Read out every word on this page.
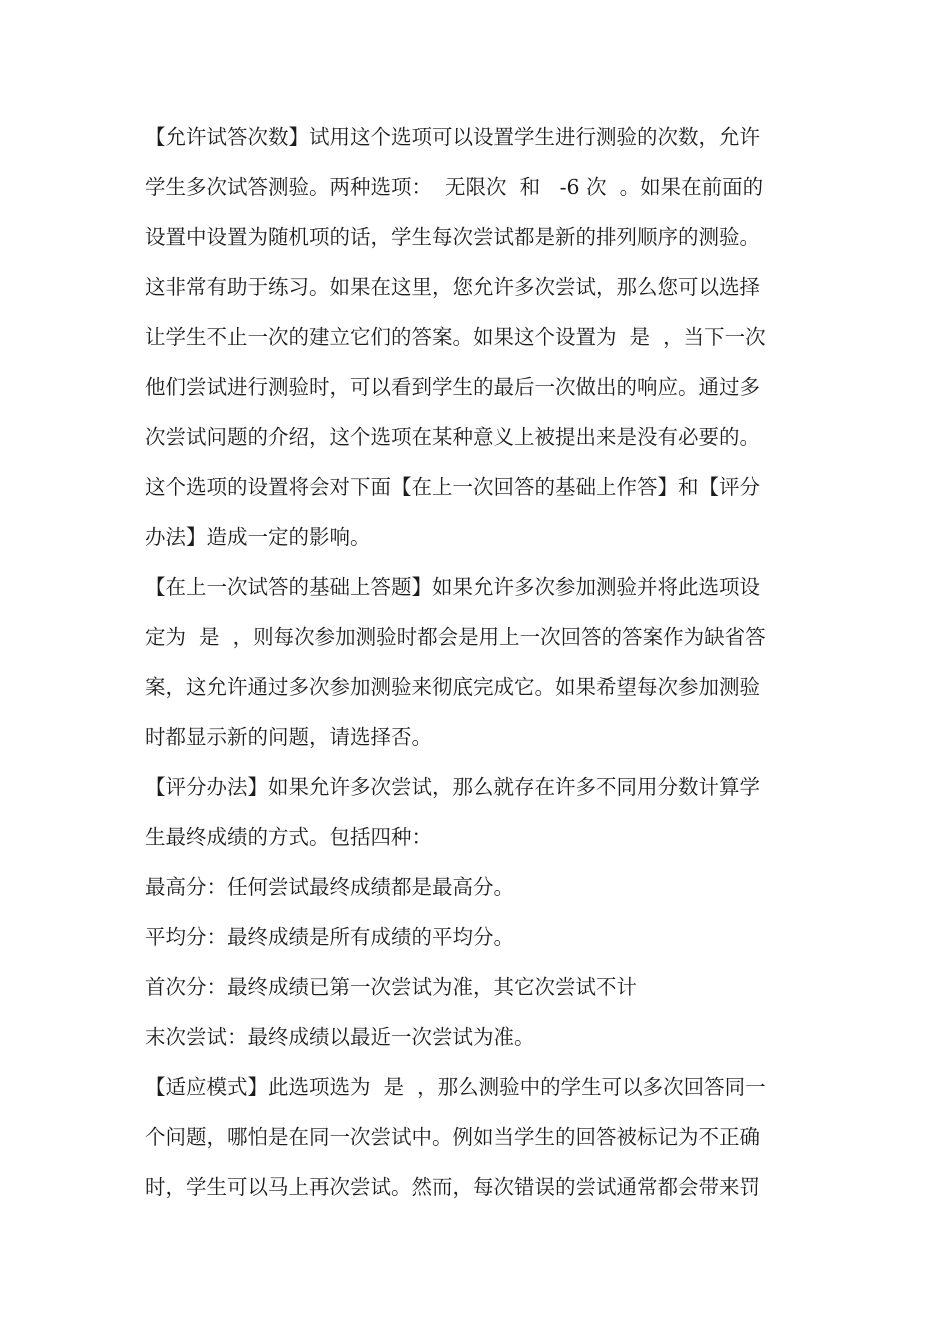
【允许试答次数】试用这个选项可以设置学生进行测验的次数，允许
学生多次试答测验。两种选项：  无限次  和   -6 次  。如果在前面的
设置中设置为随机项的话，学生每次尝试都是新的排列顺序的测验。
这非常有助于练习。如果在这里，您允许多次尝试，那么您可以选择
让学生不止一次的建立它们的答案。如果这个设置为  是  ，当下一次
他们尝试进行测验时，可以看到学生的最后一次做出的响应。通过多
次尝试问题的介绍，这个选项在某种意义上被提出来是没有必要的。
这个选项的设置将会对下面【在上一次回答的基础上作答】和【评分
办法】造成一定的影响。
【在上一次试答的基础上答题】如果允许多次参加测验并将此选项设
定为  是  ，则每次参加测验时都会是用上一次回答的答案作为缺省答
案，这允许通过多次参加测验来彻底完成它。如果希望每次参加测验
时都显示新的问题，请选择否。
【评分办法】如果允许多次尝试，那么就存在许多不同用分数计算学
生最终成绩的方式。包括四种：
最高分：任何尝试最终成绩都是最高分。
平均分：最终成绩是所有成绩的平均分。
首次分：最终成绩已第一次尝试为准，其它次尝试不计
末次尝试：最终成绩以最近一次尝试为准。
【适应模式】此选项选为  是  ，那么测验中的学生可以多次回答同一
个问题，哪怕是在同一次尝试中。例如当学生的回答被标记为不正确
时，学生可以马上再次尝试。然而，每次错误的尝试通常都会带来罚
